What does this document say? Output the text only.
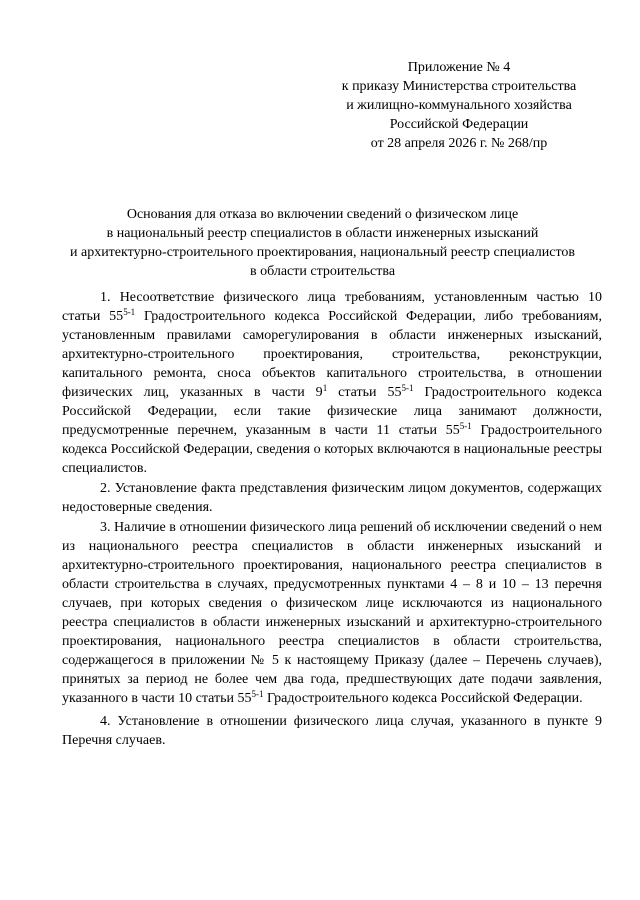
Приложение № 4
к приказу Министерства строительства
и жилищно-коммунального хозяйства
Российской Федерации
от 28 апреля 2026 г. № 268/пр
Основания для отказа во включении сведений о физическом лице
в национальный реестр специалистов в области инженерных изысканий
и архитектурно-строительного проектирования, национальный реестр специалистов
в области строительства

1. Несоответствие физического лица требованиям, установленным частью 10 статьи 55$^{5-1}$ Градостроительного кодекса Российской Федерации, либо требованиям, установленным правилами саморегулирования в области инженерных изысканий, архитектурно-строительного проектирования, строительства, реконструкции, капитального ремонта, сноса объектов капитального строительства, в отношении физических лиц, указанных в части $9^1$ статьи 55$^{5-1}$ Градостроительного кодекса Российской Федерации, если такие физические лица занимают должности, предусмотренные перечнем, указанным в части 11 статьи 55$^{5-1}$ Градостроительного кодекса Российской Федерации, сведения о которых включаются в национальные реестры специалистов.

2. Установление факта представления физическим лицом документов, содержащих недостоверные сведения.

3. Наличие в отношении физического лица решений об исключении сведений о нем из национального реестра специалистов в области инженерных изысканий и архитектурно-строительного проектирования, национального реестра специалистов в области строительства в случаях, предусмотренных пунктами 4 – 8 и 10 – 13 перечня случаев, при которых сведения о физическом лице исключаются из национального реестра специалистов в области инженерных изысканий и архитектурно-строительного проектирования, национального реестра специалистов в области строительства, содержащегося в приложении № 5 к настоящему Приказу (далее – Перечень случаев), принятых за период не более чем два года, предшествующих дате подачи заявления, указанного в части 10 статьи 55$^{5-1}$ Градостроительного кодекса Российской Федерации.

4. Установление в отношении физического лица случая, указанного в пункте 9 Перечня случаев.
